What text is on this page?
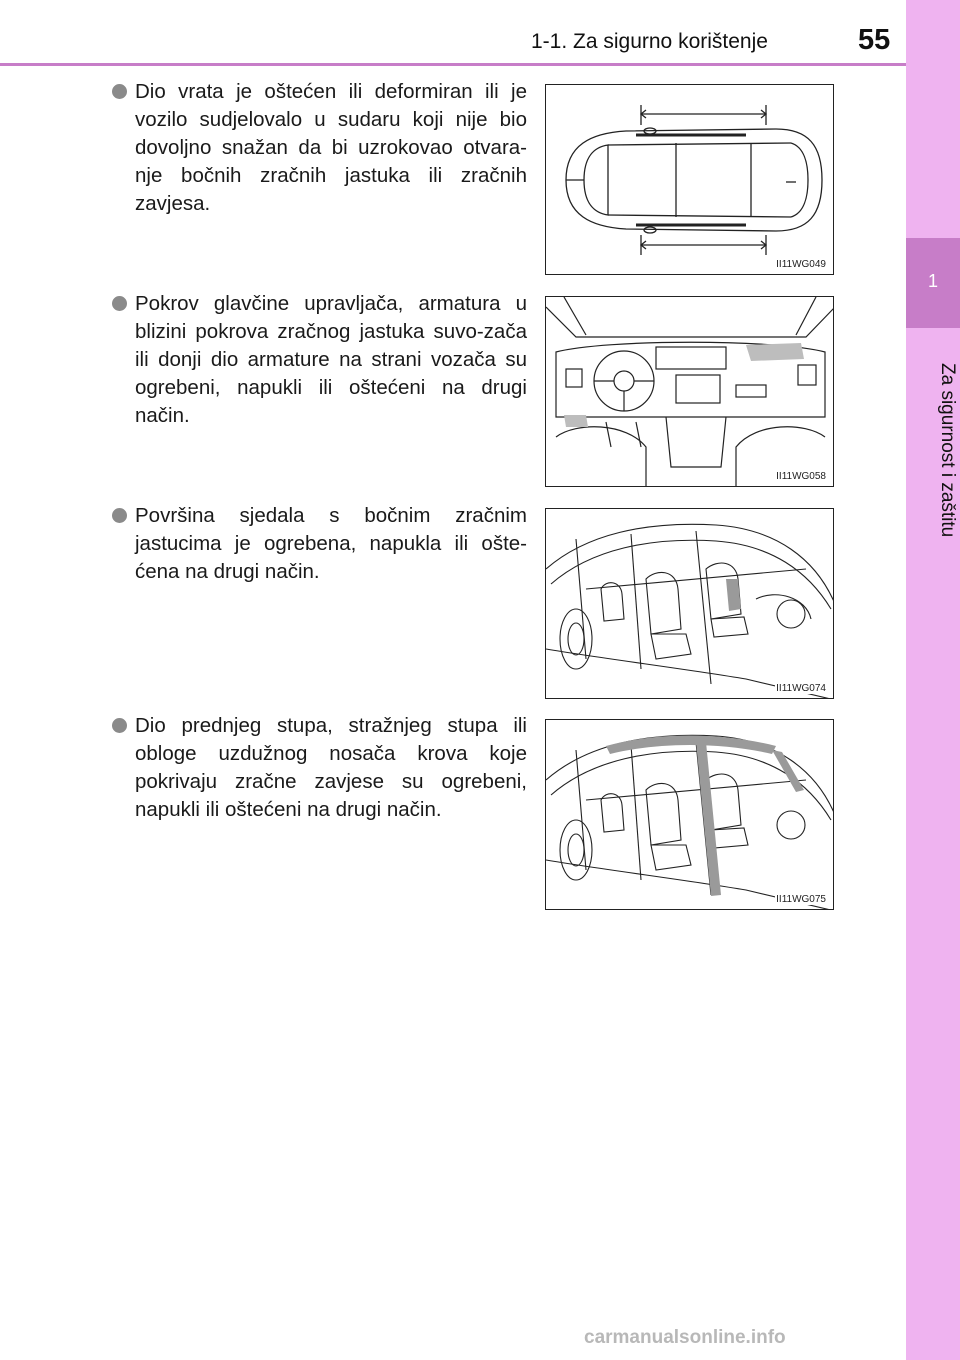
1-1. Za sigurno korištenje	55
1
Za sigurnost i zaštitu
Dio vrata je oštećen ili deformiran ili je vozilo sudjelovalo u sudaru koji nije bio dovoljno snažan da bi uzrokovao otvara-nje bočnih zračnih jastuka ili zračnih zavjesa.
II11WG049
Pokrov glavčine upravljača, armatura u blizini pokrova zračnog jastuka suvo-zača ili donji dio armature na strani vozača su ogrebeni, napukli ili oštećeni na drugi način.
II11WG058
Površina sjedala s bočnim zračnim jastucima je ogrebena, napukla ili ošte-ćena na drugi način.
II11WG074
Dio prednjeg stupa, stražnjeg stupa ili obloge uzdužnog nosača krova koje pokrivaju zračne zavjese su ogrebeni, napukli ili oštećeni na drugi način.
II11WG075
carmanualsonline.info
